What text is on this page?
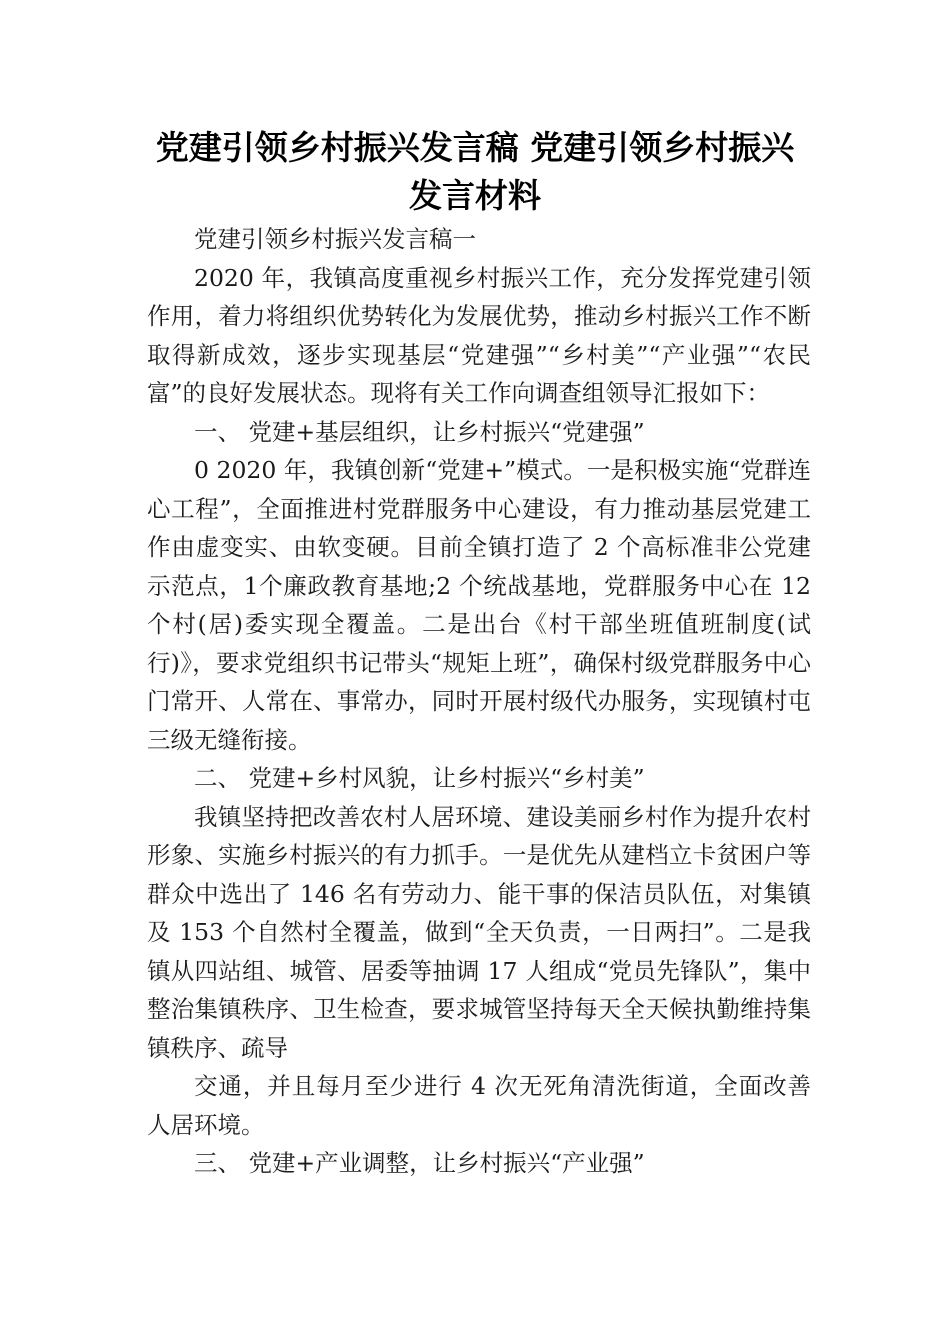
党建引领乡村振兴发言稿 党建引领乡村振兴
发言材料

党建引领乡村振兴发言稿一

2020 年，我镇高度重视乡村振兴工作，充分发挥党建引领作用，着力将组织优势转化为发展优势，推动乡村振兴工作不断取得新成效，逐步实现基层“党建强”“乡村美”“产业强”“农民富”的良好发展状态。现将有关工作向调查组领导汇报如下：

一、 党建+基层组织，让乡村振兴“党建强”

0 2020 年，我镇创新“党建+”模式。一是积极实施“党群连心工程”，全面推进村党群服务中心建设，有力推动基层党建工作由虚变实、由软变硬。目前全镇打造了 2 个高标准非公党建示范点，1个廉政教育基地;2 个统战基地，党群服务中心在 12 个村(居)委实现全覆盖。二是出台《村干部坐班值班制度(试行)》，要求党组织书记带头“规矩上班”，确保村级党群服务中心门常开、人常在、事常办，同时开展村级代办服务，实现镇村屯三级无缝衔接。

二、 党建+乡村风貌，让乡村振兴“乡村美”

我镇坚持把改善农村人居环境、建设美丽乡村作为提升农村形象、实施乡村振兴的有力抓手。一是优先从建档立卡贫困户等群众中选出了 146 名有劳动力、能干事的保洁员队伍，对集镇及 153 个自然村全覆盖，做到“全天负责，一日两扫”。二是我镇从四站组、城管、居委等抽调 17 人组成“党员先锋队”，集中整治集镇秩序、卫生检查，要求城管坚持每天全天候执勤维持集镇秩序、疏导

交通，并且每月至少进行 4 次无死角清洗街道，全面改善人居环境。

三、 党建+产业调整，让乡村振兴“产业强”
